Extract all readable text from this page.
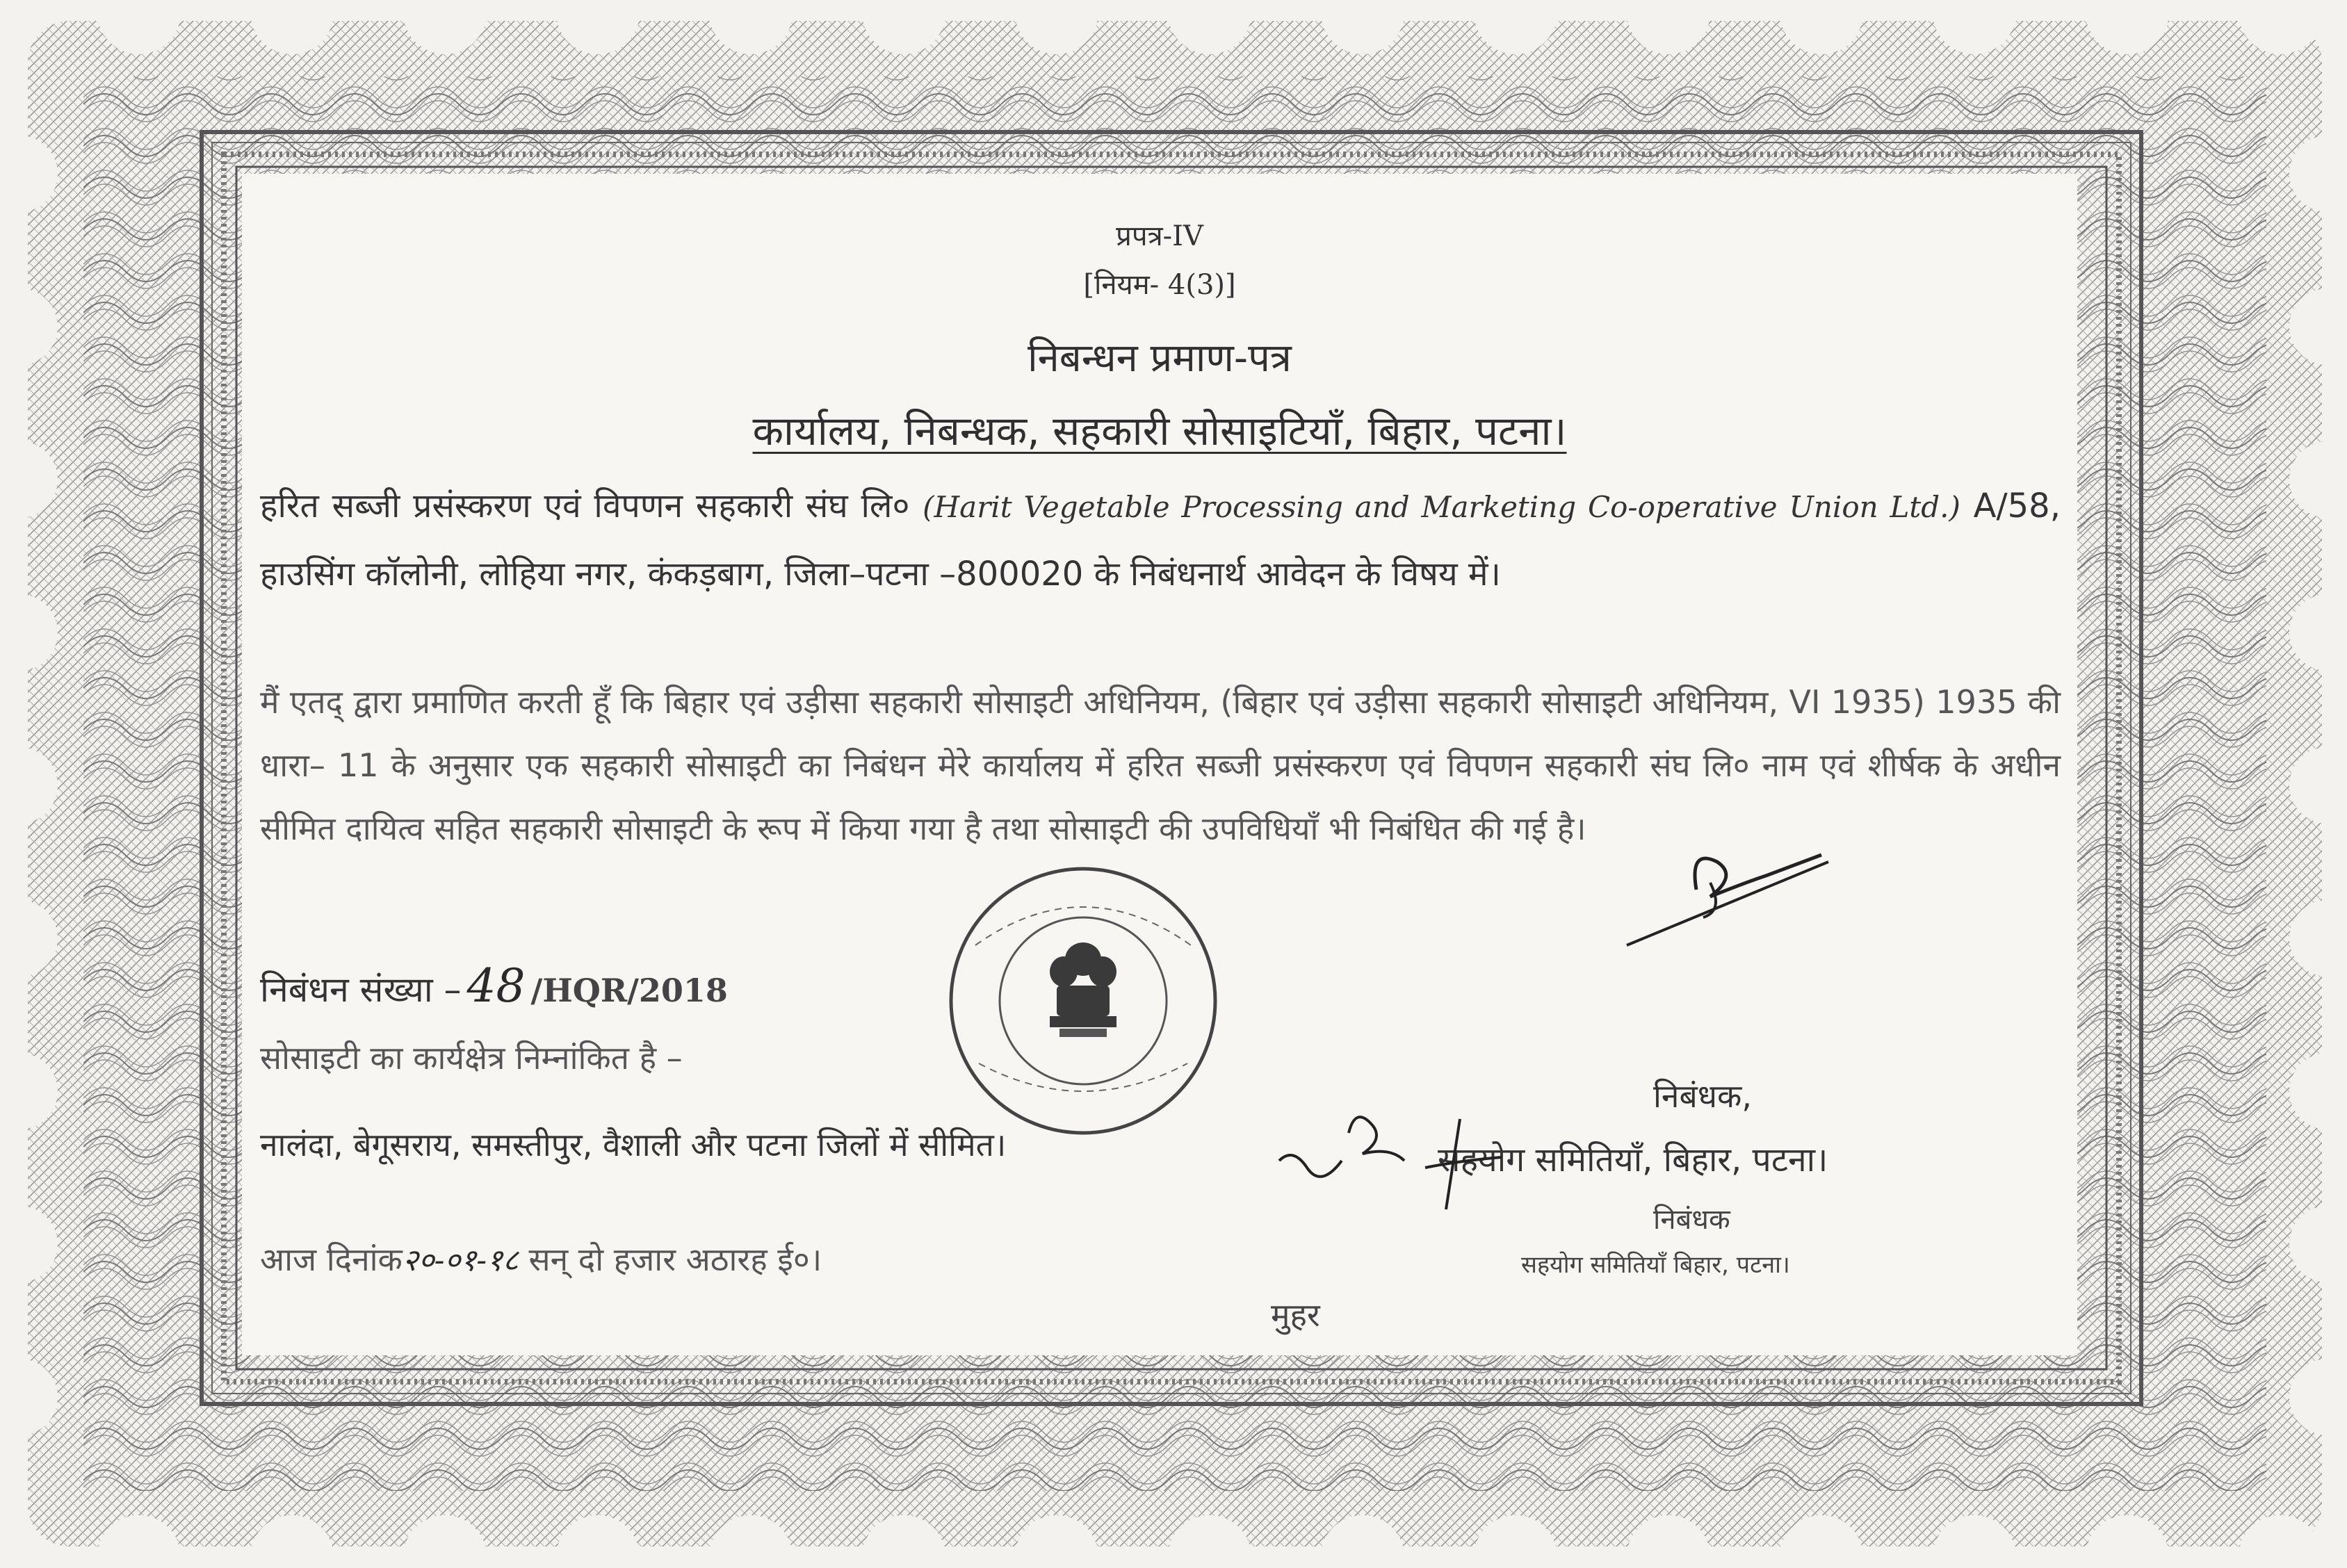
प्रपत्र-IV
[नियम- 4(3)]
निबन्धन प्रमाण-पत्र
कार्यालय, निबन्धक, सहकारी सोसाइटियाँ, बिहार, पटना।
हरित सब्जी प्रसंस्करण एवं विपणन सहकारी संघ लि० (Harit Vegetable Processing and Marketing Co-operative Union Ltd.) A/58, हाउसिंग कॉलोनी, लोहिया नगर, कंकड़बाग, जिला–पटना –800020 के निबंधनार्थ आवेदन के विषय में।
मैं एतद् द्वारा प्रमाणित करती हूँ कि बिहार एवं उड़ीसा सहकारी सोसाइटी अधिनियम, (बिहार एवं उड़ीसा सहकारी सोसाइटी अधिनियम, VI 1935) 1935 की धारा– 11 के अनुसार एक सहकारी सोसाइटी का निबंधन मेरे कार्यालय में हरित सब्जी प्रसंस्करण एवं विपणन सहकारी संघ लि० नाम एवं शीर्षक के अधीन सीमित दायित्व सहित सहकारी सोसाइटी के रूप में किया गया है तथा सोसाइटी की उपविधियाँ भी निबंधित की गई है।
निबंधन संख्या – 48 /HQR/2018
सोसाइटी का कार्यक्षेत्र निम्नांकित है –
नालंदा, बेगूसराय, समस्तीपुर, वैशाली और पटना जिलों में सीमित।
आज दिनांक२०-०१-१८ सन् दो हजार अठारह ई०।
मुहर
निबंधक,
सहयोग समितियाँ, बिहार, पटना।
निबंधक
सहयोग समितियाँ बिहार, पटना।
